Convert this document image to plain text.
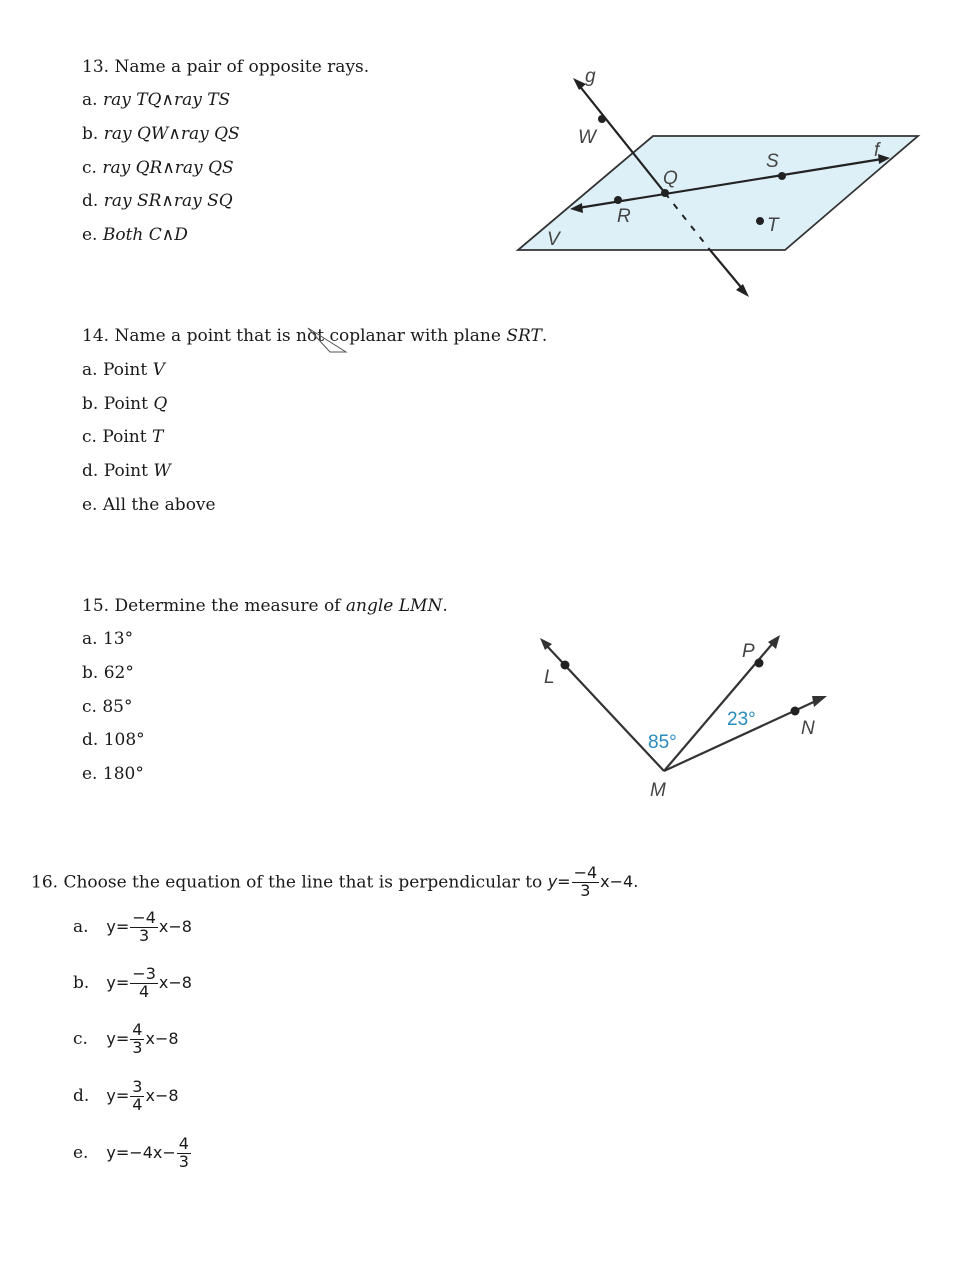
13. Name a pair of opposite rays.
a. ray TQ∧ray TS
b. ray QW∧ray QS
c. ray QR∧ray QS
d. ray SR∧ray SQ
e. Both C∧D
g
W
Q
S
f
R	T
V
14. Name a point that is not coplanar with plane SRT.
a. Point V
b. Point Q
c. Point T
d. Point W
e. All the above
15. Determine the measure of angle LMN.
a. 13°
b. 62°
c. 85°
d. 108°
e. 180°
L
P
N
M
85°
23°
16. Choose the equation of the line that is perpendicular to $y= \frac{-4}{3} x-4$.
a. $y= \frac{-4}{3} x-8$
b. $y= \frac{-3}{4} x-8$
c. $y= \frac{4}{3} x-8$
d. $y= \frac{3}{4} x-8$
e. $y=-4x- \frac{4}{3}$
